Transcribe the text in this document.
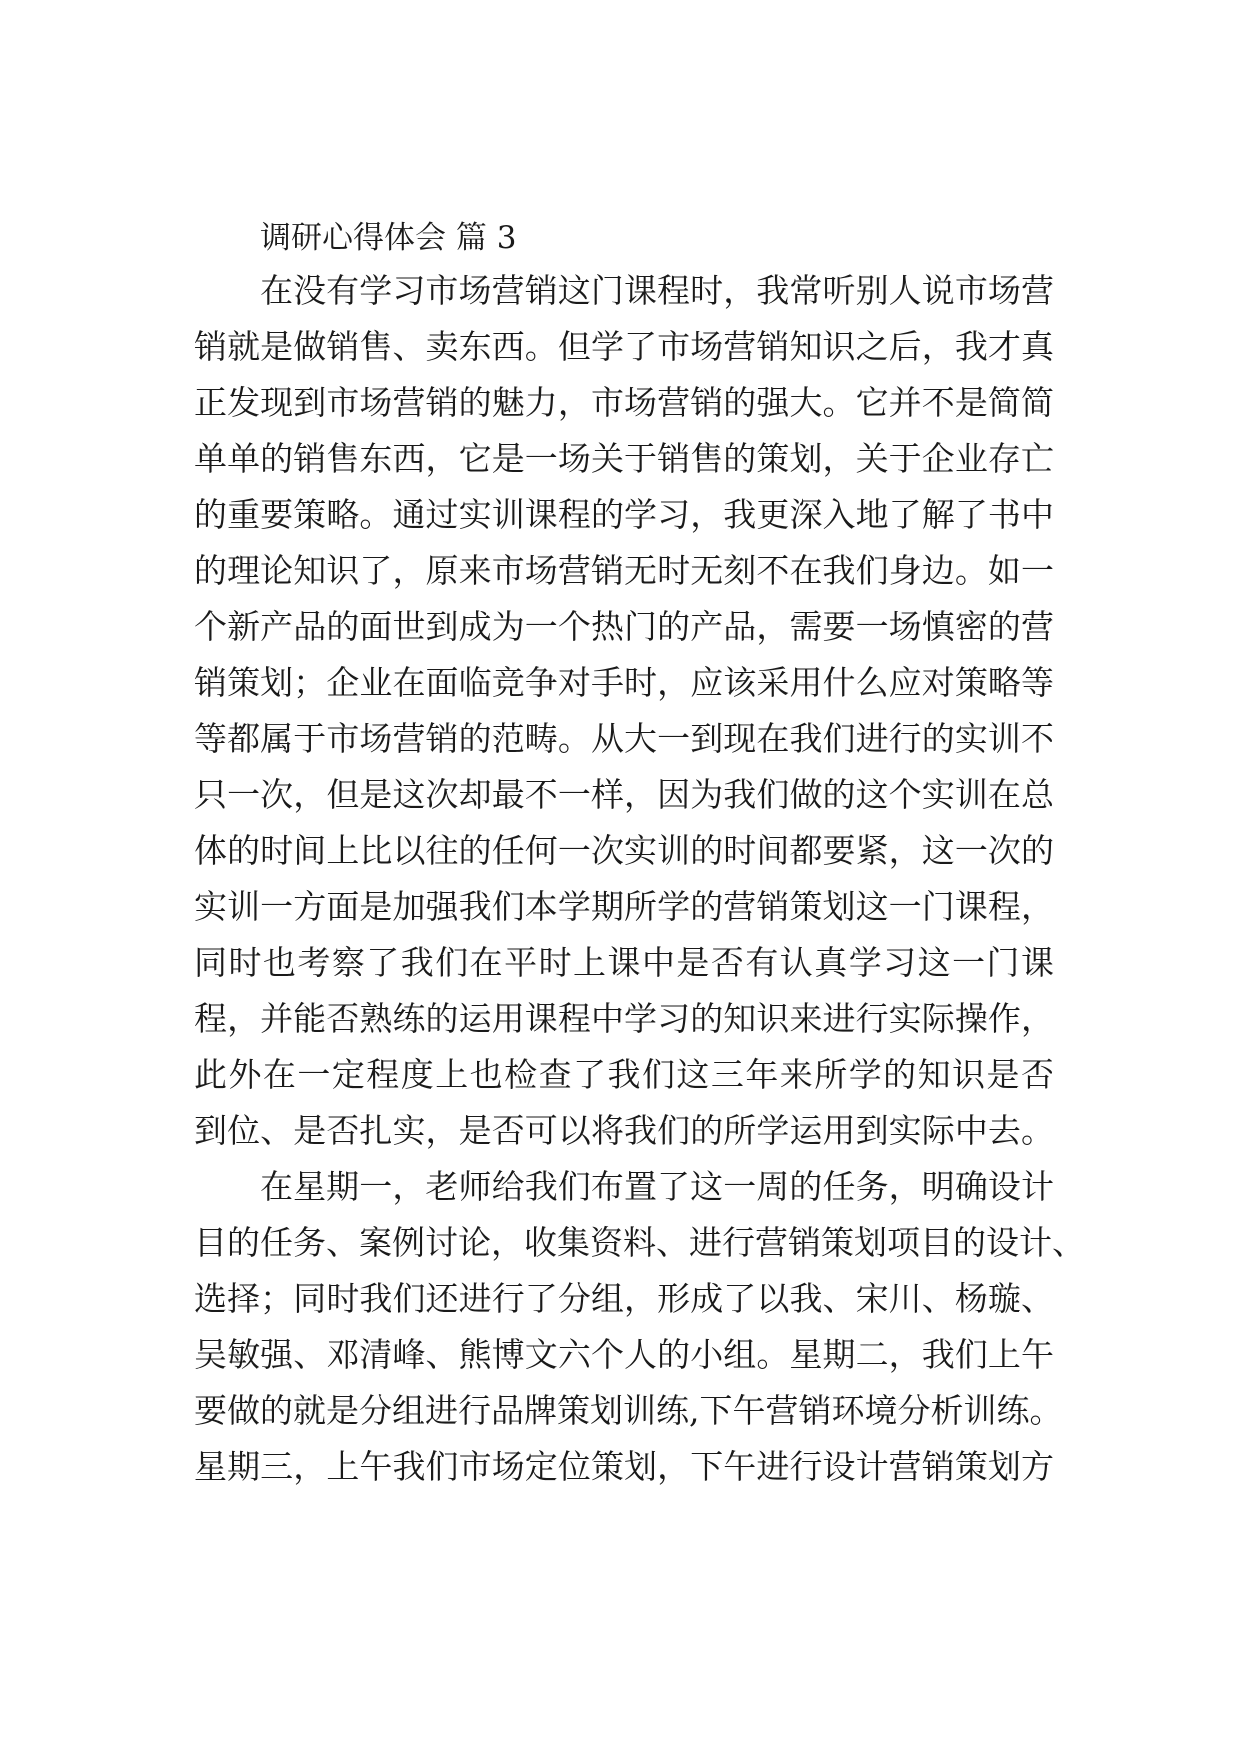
调研心得体会 篇 3
在没有学习市场营销这门课程时，我常听别人说市场营
销就是做销售、卖东西。但学了市场营销知识之后，我才真
正发现到市场营销的魅力，市场营销的强大。它并不是简简
单单的销售东西，它是一场关于销售的策划，关于企业存亡
的重要策略。通过实训课程的学习，我更深入地了解了书中
的理论知识了，原来市场营销无时无刻不在我们身边。如一
个新产品的面世到成为一个热门的产品，需要一场慎密的营
销策划；企业在面临竞争对手时，应该采用什么应对策略等
等都属于市场营销的范畴。从大一到现在我们进行的实训不
只一次，但是这次却最不一样，因为我们做的这个实训在总
体的时间上比以往的任何一次实训的时间都要紧，这一次的
实训一方面是加强我们本学期所学的营销策划这一门课程，
同时也考察了我们在平时上课中是否有认真学习这一门课
程，并能否熟练的运用课程中学习的知识来进行实际操作，
此外在一定程度上也检查了我们这三年来所学的知识是否
到位、是否扎实，是否可以将我们的所学运用到实际中去。
在星期一，老师给我们布置了这一周的任务，明确设计
目的任务、案例讨论，收集资料、进行营销策划项目的设计、
选择；同时我们还进行了分组，形成了以我、宋川、杨璇、
吴敏强、邓清峰、熊博文六个人的小组。星期二，我们上午
要做的就是分组进行品牌策划训练,下午营销环境分析训练。
星期三，上午我们市场定位策划，下午进行设计营销策划方
